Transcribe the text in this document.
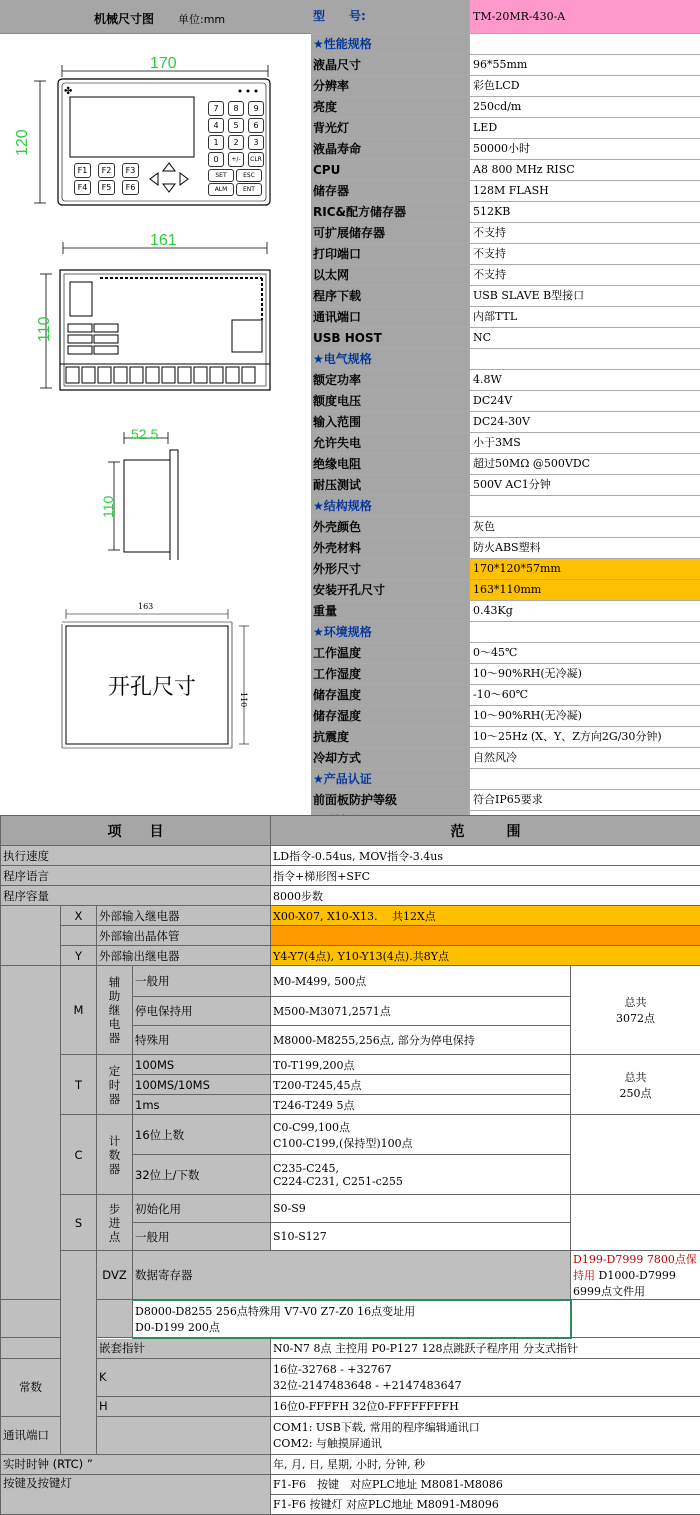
机械尺寸图 单位:mm
✤
170
120
7	8	9
4	5	6
1	2	3
0	+/-	CLR
F1	F2	F3
F4	F5	F6
SET	ESC
ALM	ENT
161
110
52.5
110
163
110
开孔尺寸
型　　号:	TM-20MR-430-A
★性能规格
液晶尺寸	96*55mm
分辨率	彩色LCD
亮度	250cd/m
背光灯	LED
液晶寿命	50000小时
CPU	A8 800 MHz RISC
储存器	128M FLASH
RIC&配方储存器	512KB
可扩展储存器	不支持
打印端口	不支持
以太网	不支持
程序下载	USB SLAVE B型接口
通讯端口	内部TTL
USB HOST	NC
★电气规格
额定功率	4.8W
额度电压	DC24V
输入范围	DC24-30V
允许失电	小于3MS
绝缘电阻	超过50MΩ @500VDC
耐压测试	500V AC1分钟
★结构规格
外壳颜色	灰色
外壳材料	防火ABS塑料
外形尺寸	170*120*57mm
安装开孔尺寸	163*110mm
重量	0.43Kg
★环境规格
工作温度	0～45℃
工作湿度	10～90%RH(无冷凝)
储存温度	-10～60℃
储存湿度	10～90%RH(无冷凝)
抗震度	10～25Hz (X、Y、Z方向2G/30分钟)
冷却方式	自然风冷
★产品认证
前面板防护等级	符合IP65要求
项　　目				范　　　围	
执行速度				LD指令-0.54us, MOV指令-3.4us	
程序语言				指令+梯形图+SFC	
程序容量				8000步数	
	X	外部输入继电器		X00-X07, X10-X13.　 共12X点	
		外部输出晶体管			
	Y	外部输出继电器		Y4-Y7(4点), Y10-Y13(4点).共8Y点	
	M	辅助继电器	一般用	M0-M499, 500点	总共
3072点
			停电保持用	M500-M3071,2571点	
			特殊用	M8000-M8255,256点, 部分为停电保持	
	T	定时器	100MS	T0-T199,200点	总共
250点
			100MS/10MS	T200-T245,45点	
			1ms	T246-T249 5点	
	C	计数器	16位上数	C0-C99,100点
C100-C199,(保持型)100点	
			32位上/下数	C235-C245,
C224-C231, C251-c255	
	S	步进点	初始化用	S0-S9	
			一般用	S10-S127	
		DVZ	数据寄存器		D199-D7999 7800点保持用 D1000-D7999 6999点文件用
			D8000-D8255 256点特殊用 V7-V0 Z7-Z0 16点变址用
D0-D199 200点		
		嵌套指针		N0-N7 8点 主控用 P0-P127 128点跳跃子程序用 分支式指针	
常数		K		16位-32768 - +32767
32位-2147483648 - +2147483647	
		H		16位0-FFFFH 32位0-FFFFFFFFH	
通讯端口				COM1: USB下载, 常用的程序编辑通讯口
COM2: 与触摸屏通讯	
实时时钟 (RTC) ”				年, 月, 日, 星期, 小时, 分钟, 秒	
按键及按键灯				F1-F6　按键　对应PLC地址 M8081-M8086	
				F1-F6 按键灯 对应PLC地址 M8091-M8096	
